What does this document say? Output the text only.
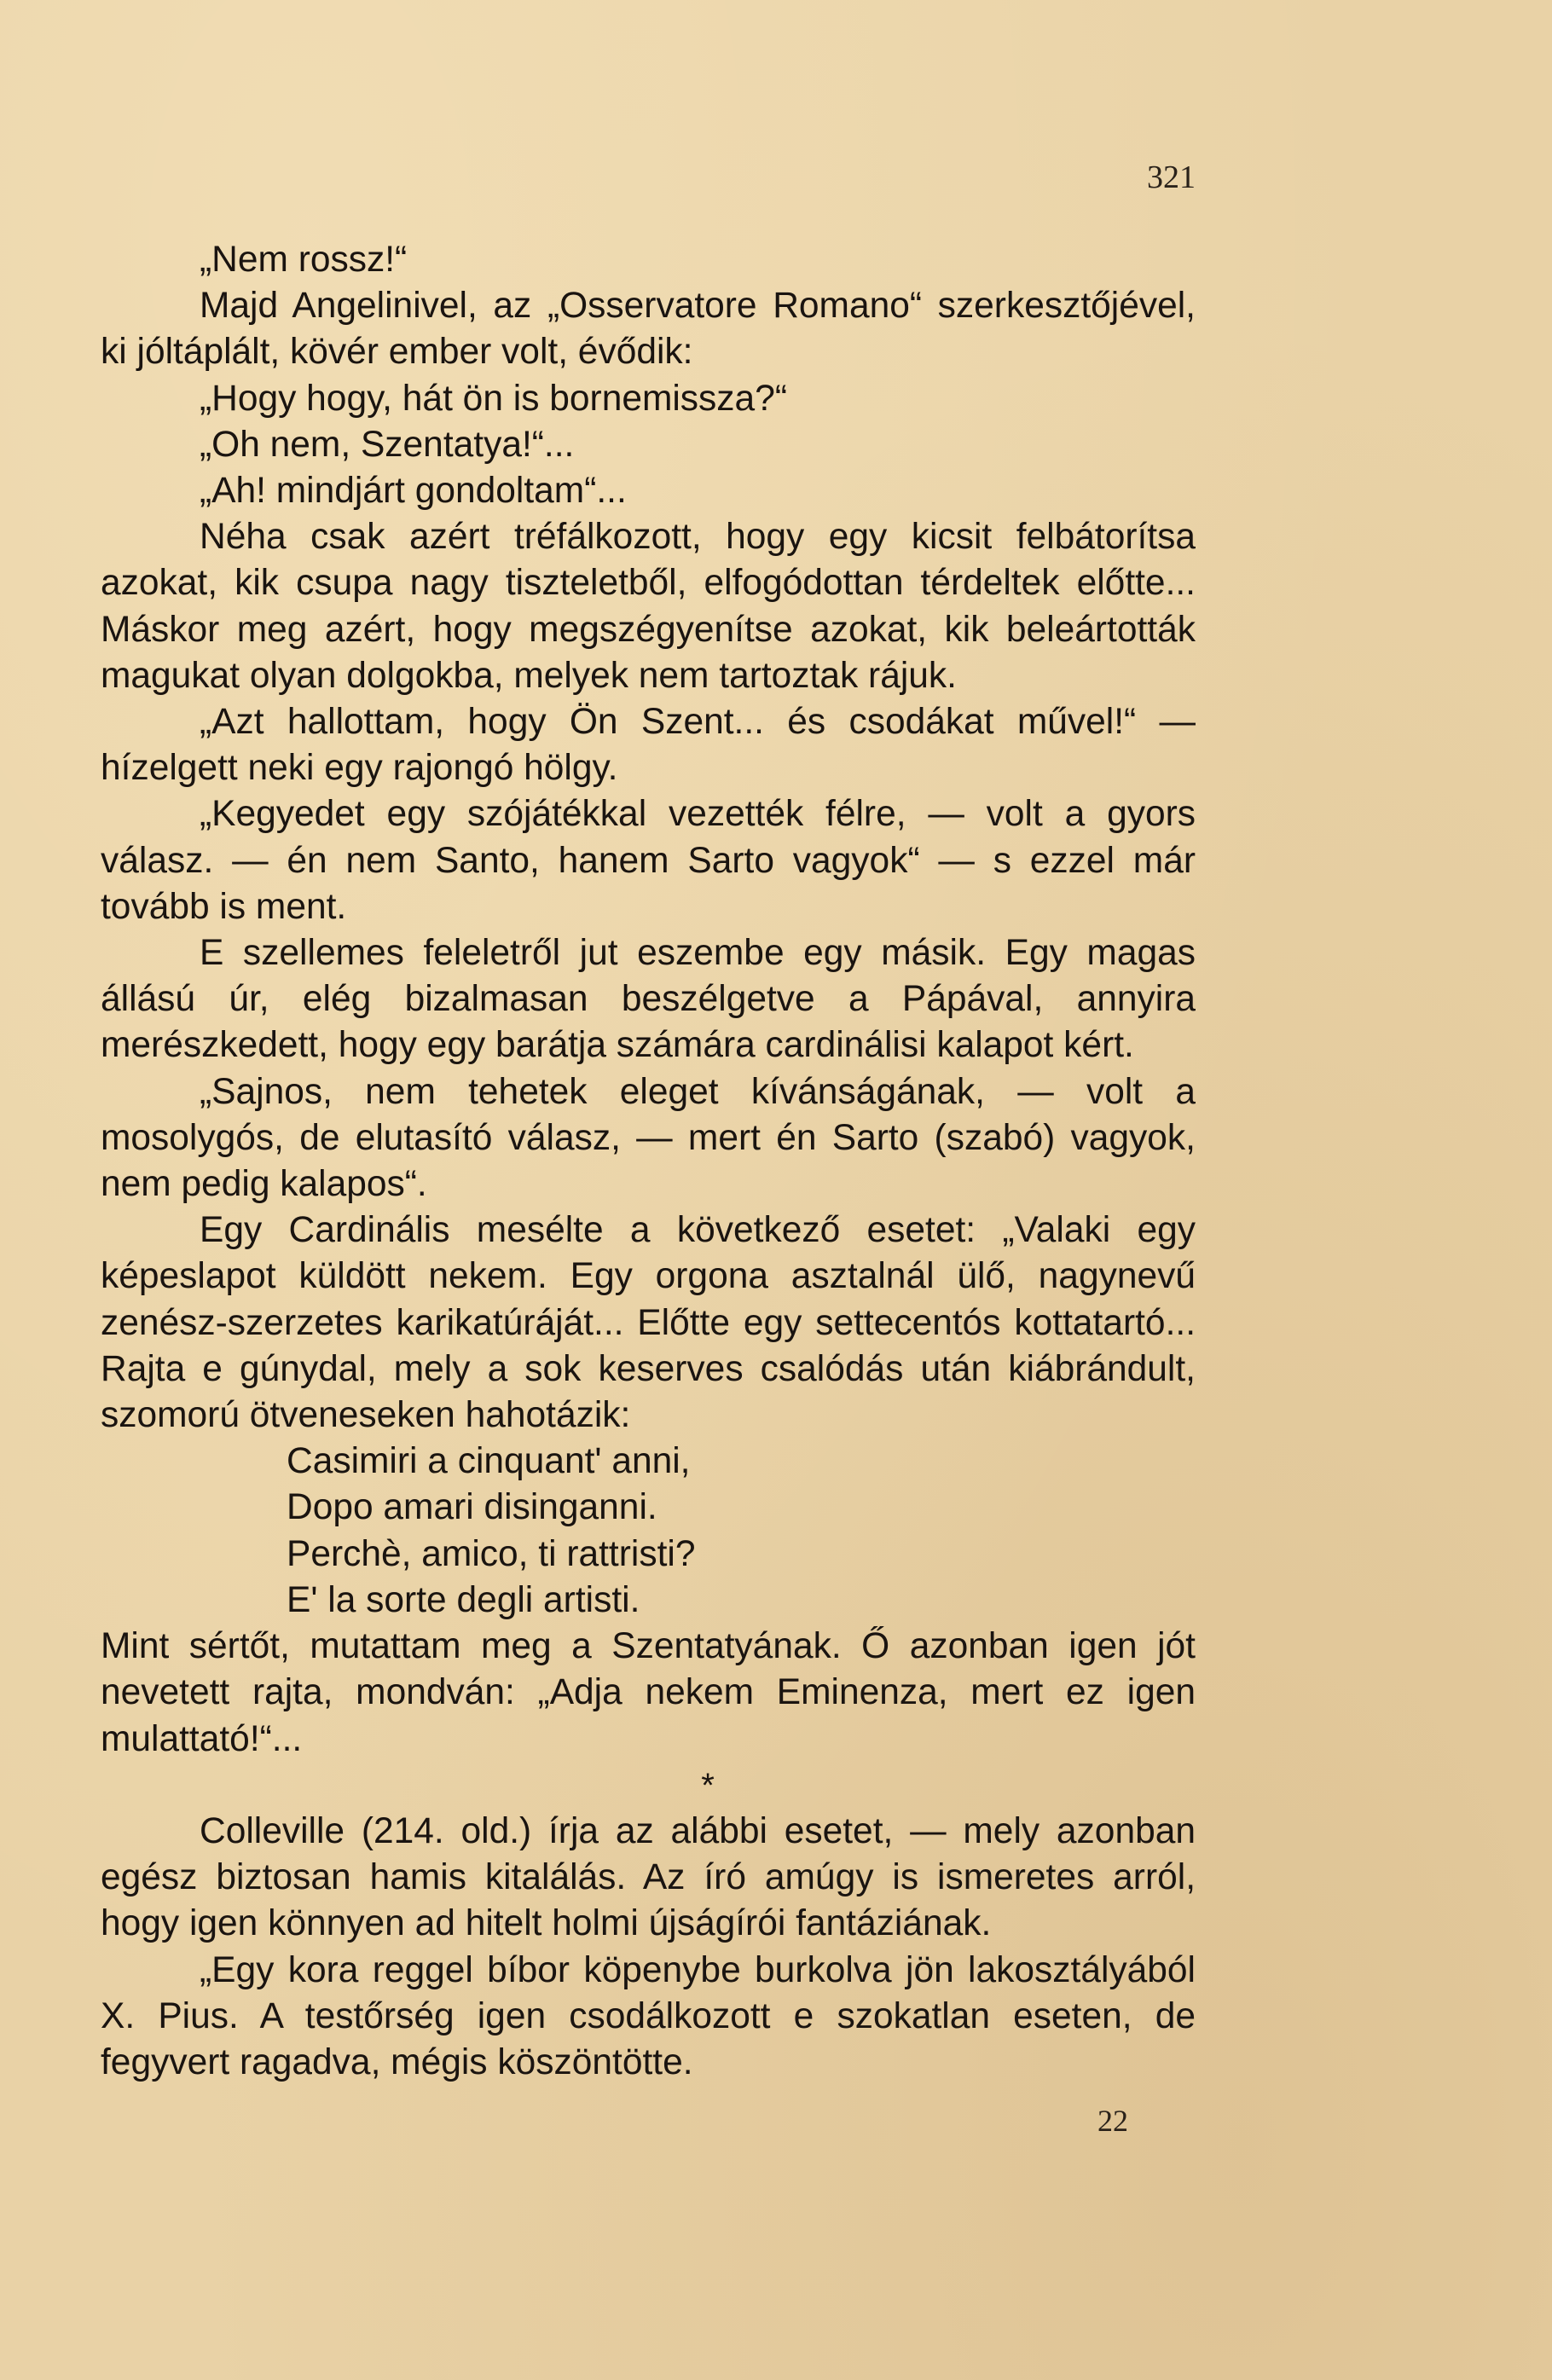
321

„Nem rossz!“

Majd Angelinivel, az „Osservatore Romano“ szerkesztőjével, ki jóltáplált, kövér ember volt, évődik:

„Hogy hogy, hát ön is bornemissza?“

„Oh nem, Szentatya!“...

„Ah! mindjárt gondoltam“...

Néha csak azért tréfálkozott, hogy egy kicsit felbátorítsa azokat, kik csupa nagy tiszteletből, elfogódottan térdeltek előtte... Máskor meg azért, hogy megszégyenítse azokat, kik beleártották magukat olyan dolgokba, melyek nem tartoztak rájuk.

„Azt hallottam, hogy Ön Szent... és csodákat művel!“ — hízelgett neki egy rajongó hölgy.

„Kegyedet egy szójátékkal vezették félre, — volt a gyors válasz. — én nem Santo, hanem Sarto vagyok“ — s ezzel már tovább is ment.

E szellemes feleletről jut eszembe egy másik. Egy magas állású úr, elég bizalmasan beszélgetve a Pápával, annyira merészkedett, hogy egy barátja számára cardinálisi kalapot kért.

„Sajnos, nem tehetek eleget kívánságának, — volt a mosolygós, de elutasító válasz, — mert én Sarto (szabó) vagyok, nem pedig kalapos“.

Egy Cardinális mesélte a következő esetet: „Valaki egy képeslapot küldött nekem. Egy orgona asztalnál ülő, nagynevű zenész-szerzetes karikatúráját... Előtte egy settecentós kottatartó... Rajta e gúnydal, mely a sok keserves csalódás után kiábrándult, szomorú ötveneseken hahotázik:

Casimiri a cinquant' anni,
Dopo amari disinganni.
Perchè, amico, ti rattristi?
E' la sorte degli artisti.

Mint sértőt, mutattam meg a Szentatyának. Ő azonban igen jót nevetett rajta, mondván: „Adja nekem Eminenza, mert ez igen mulattató!“...

*

Colleville (214. old.) írja az alábbi esetet, — mely azonban egész biztosan hamis kitalálás. Az író amúgy is ismeretes arról, hogy igen könnyen ad hitelt holmi újságírói fantáziának.

„Egy kora reggel bíbor köpenybe burkolva jön lakosztályából X. Pius. A testőrség igen csodálkozott e szokatlan eseten, de fegyvert ragadva, mégis köszöntötte.

22
